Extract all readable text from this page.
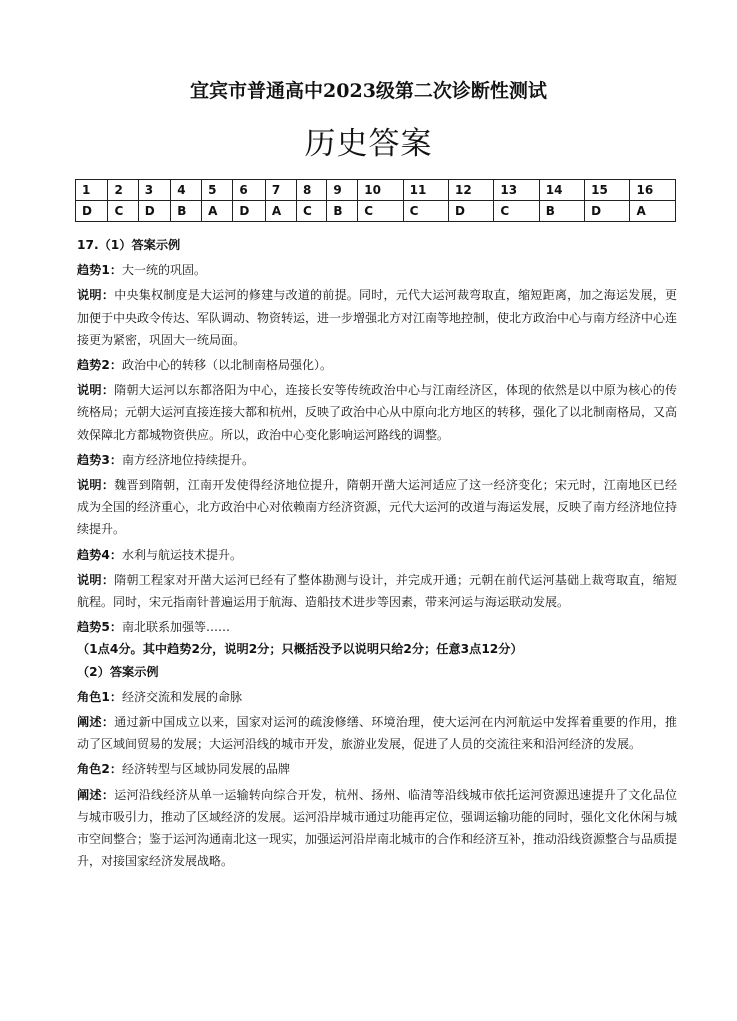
宜宾市普通高中2023级第二次诊断性测试
历史答案
1	2	3	4	5	6	7	8	9	10	11	12	13	14	15	16
D	C	D	B	A	D	A	C	B	C	C	D	C	B	D	A

17.（1）答案示例

趋势1：大一统的巩固。

说明：中央集权制度是大运河的修建与改道的前提。同时，元代大运河裁弯取直，缩短距离，加之海运发展，更加便于中央政令传达、军队调动、物资转运，进一步增强北方对江南等地控制，使北方政治中心与南方经济中心连接更为紧密，巩固大一统局面。

趋势2：政治中心的转移（以北制南格局强化）。

说明：隋朝大运河以东都洛阳为中心，连接长安等传统政治中心与江南经济区，体现的依然是以中原为核心的传统格局；元朝大运河直接连接大都和杭州，反映了政治中心从中原向北方地区的转移，强化了以北制南格局，又高效保障北方都城物资供应。所以，政治中心变化影响运河路线的调整。

趋势3：南方经济地位持续提升。

说明：魏晋到隋朝，江南开发使得经济地位提升，隋朝开凿大运河适应了这一经济变化；宋元时，江南地区已经成为全国的经济重心，北方政治中心对依赖南方经济资源，元代大运河的改道与海运发展，反映了南方经济地位持续提升。

趋势4：水利与航运技术提升。

说明：隋朝工程家对开凿大运河已经有了整体勘测与设计，并完成开通；元朝在前代运河基础上裁弯取直，缩短航程。同时，宋元指南针普遍运用于航海、造船技术进步等因素，带来河运与海运联动发展。

趋势5：南北联系加强等……

（1点4分。其中趋势2分，说明2分；只概括没予以说明只给2分；任意3点12分）

（2）答案示例

角色1：经济交流和发展的命脉

阐述：通过新中国成立以来，国家对运河的疏浚修缮、环境治理，使大运河在内河航运中发挥着重要的作用，推动了区域间贸易的发展；大运河沿线的城市开发，旅游业发展，促进了人员的交流往来和沿河经济的发展。

角色2：经济转型与区域协同发展的品牌

阐述：运河沿线经济从单一运输转向综合开发，杭州、扬州、临清等沿线城市依托运河资源迅速提升了文化品位与城市吸引力，推动了区域经济的发展。运河沿岸城市通过功能再定位，强调运输功能的同时，强化文化休闲与城市空间整合；鉴于运河沟通南北这一现实，加强运河沿岸南北城市的合作和经济互补，推动沿线资源整合与品质提升，对接国家经济发展战略。
